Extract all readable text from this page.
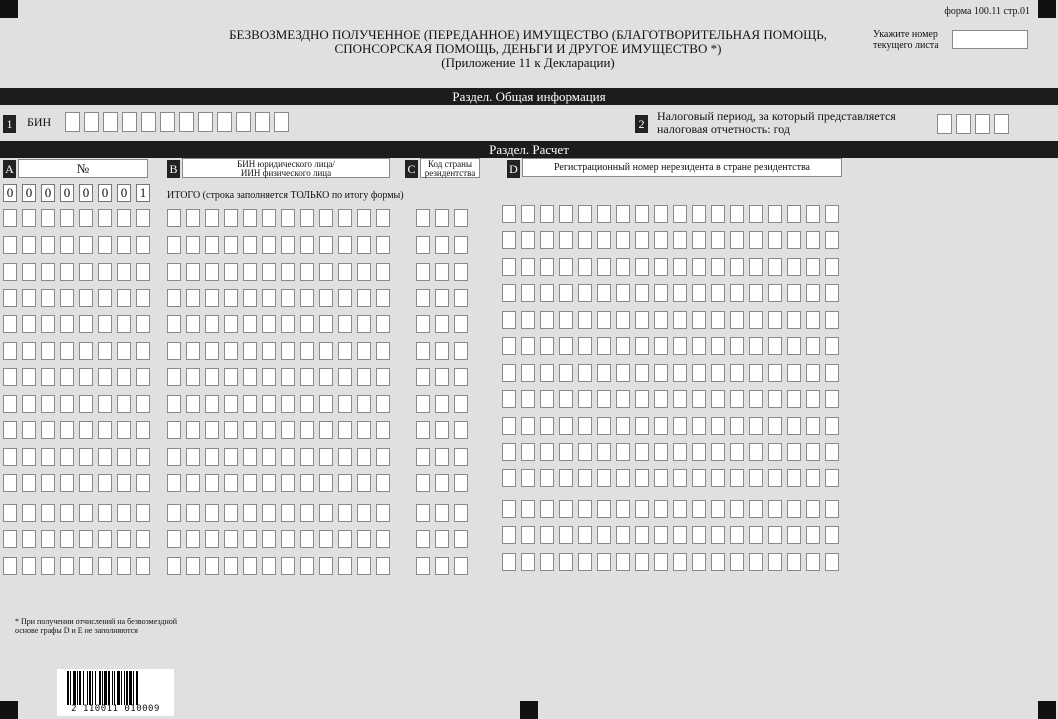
форма 100.11 стр.01
БЕЗВОЗМЕЗДНО ПОЛУЧЕННОЕ (ПЕРЕДАННОЕ) ИМУЩЕСТВО (БЛАГОТВОРИТЕЛЬНАЯ ПОМОЩЬ,
СПОНСОРСКАЯ ПОМОЩЬ, ДЕНЬГИ И ДРУГОЕ ИМУЩЕСТВО *)
(Приложение 11 к Декларации)
Укажите номер
текущего листа
Раздел. Общая информация
1 БИН	2
Налоговый период, за который представляется
налоговая отчетность: год
Раздел. Расчет
A	№	B	БИН юридического лица/
ИИН физического лица	C	Код страны
резидентства	D	Регистрационный номер нерезидента в стране резидентства
0 0 0 0 0 0 0 1	ИТОГО (строка заполняется ТОЛЬКО по итогу формы)
* При получении отчислений на безвозмездной
основе графы D и E не заполняются
2 110011 010009
